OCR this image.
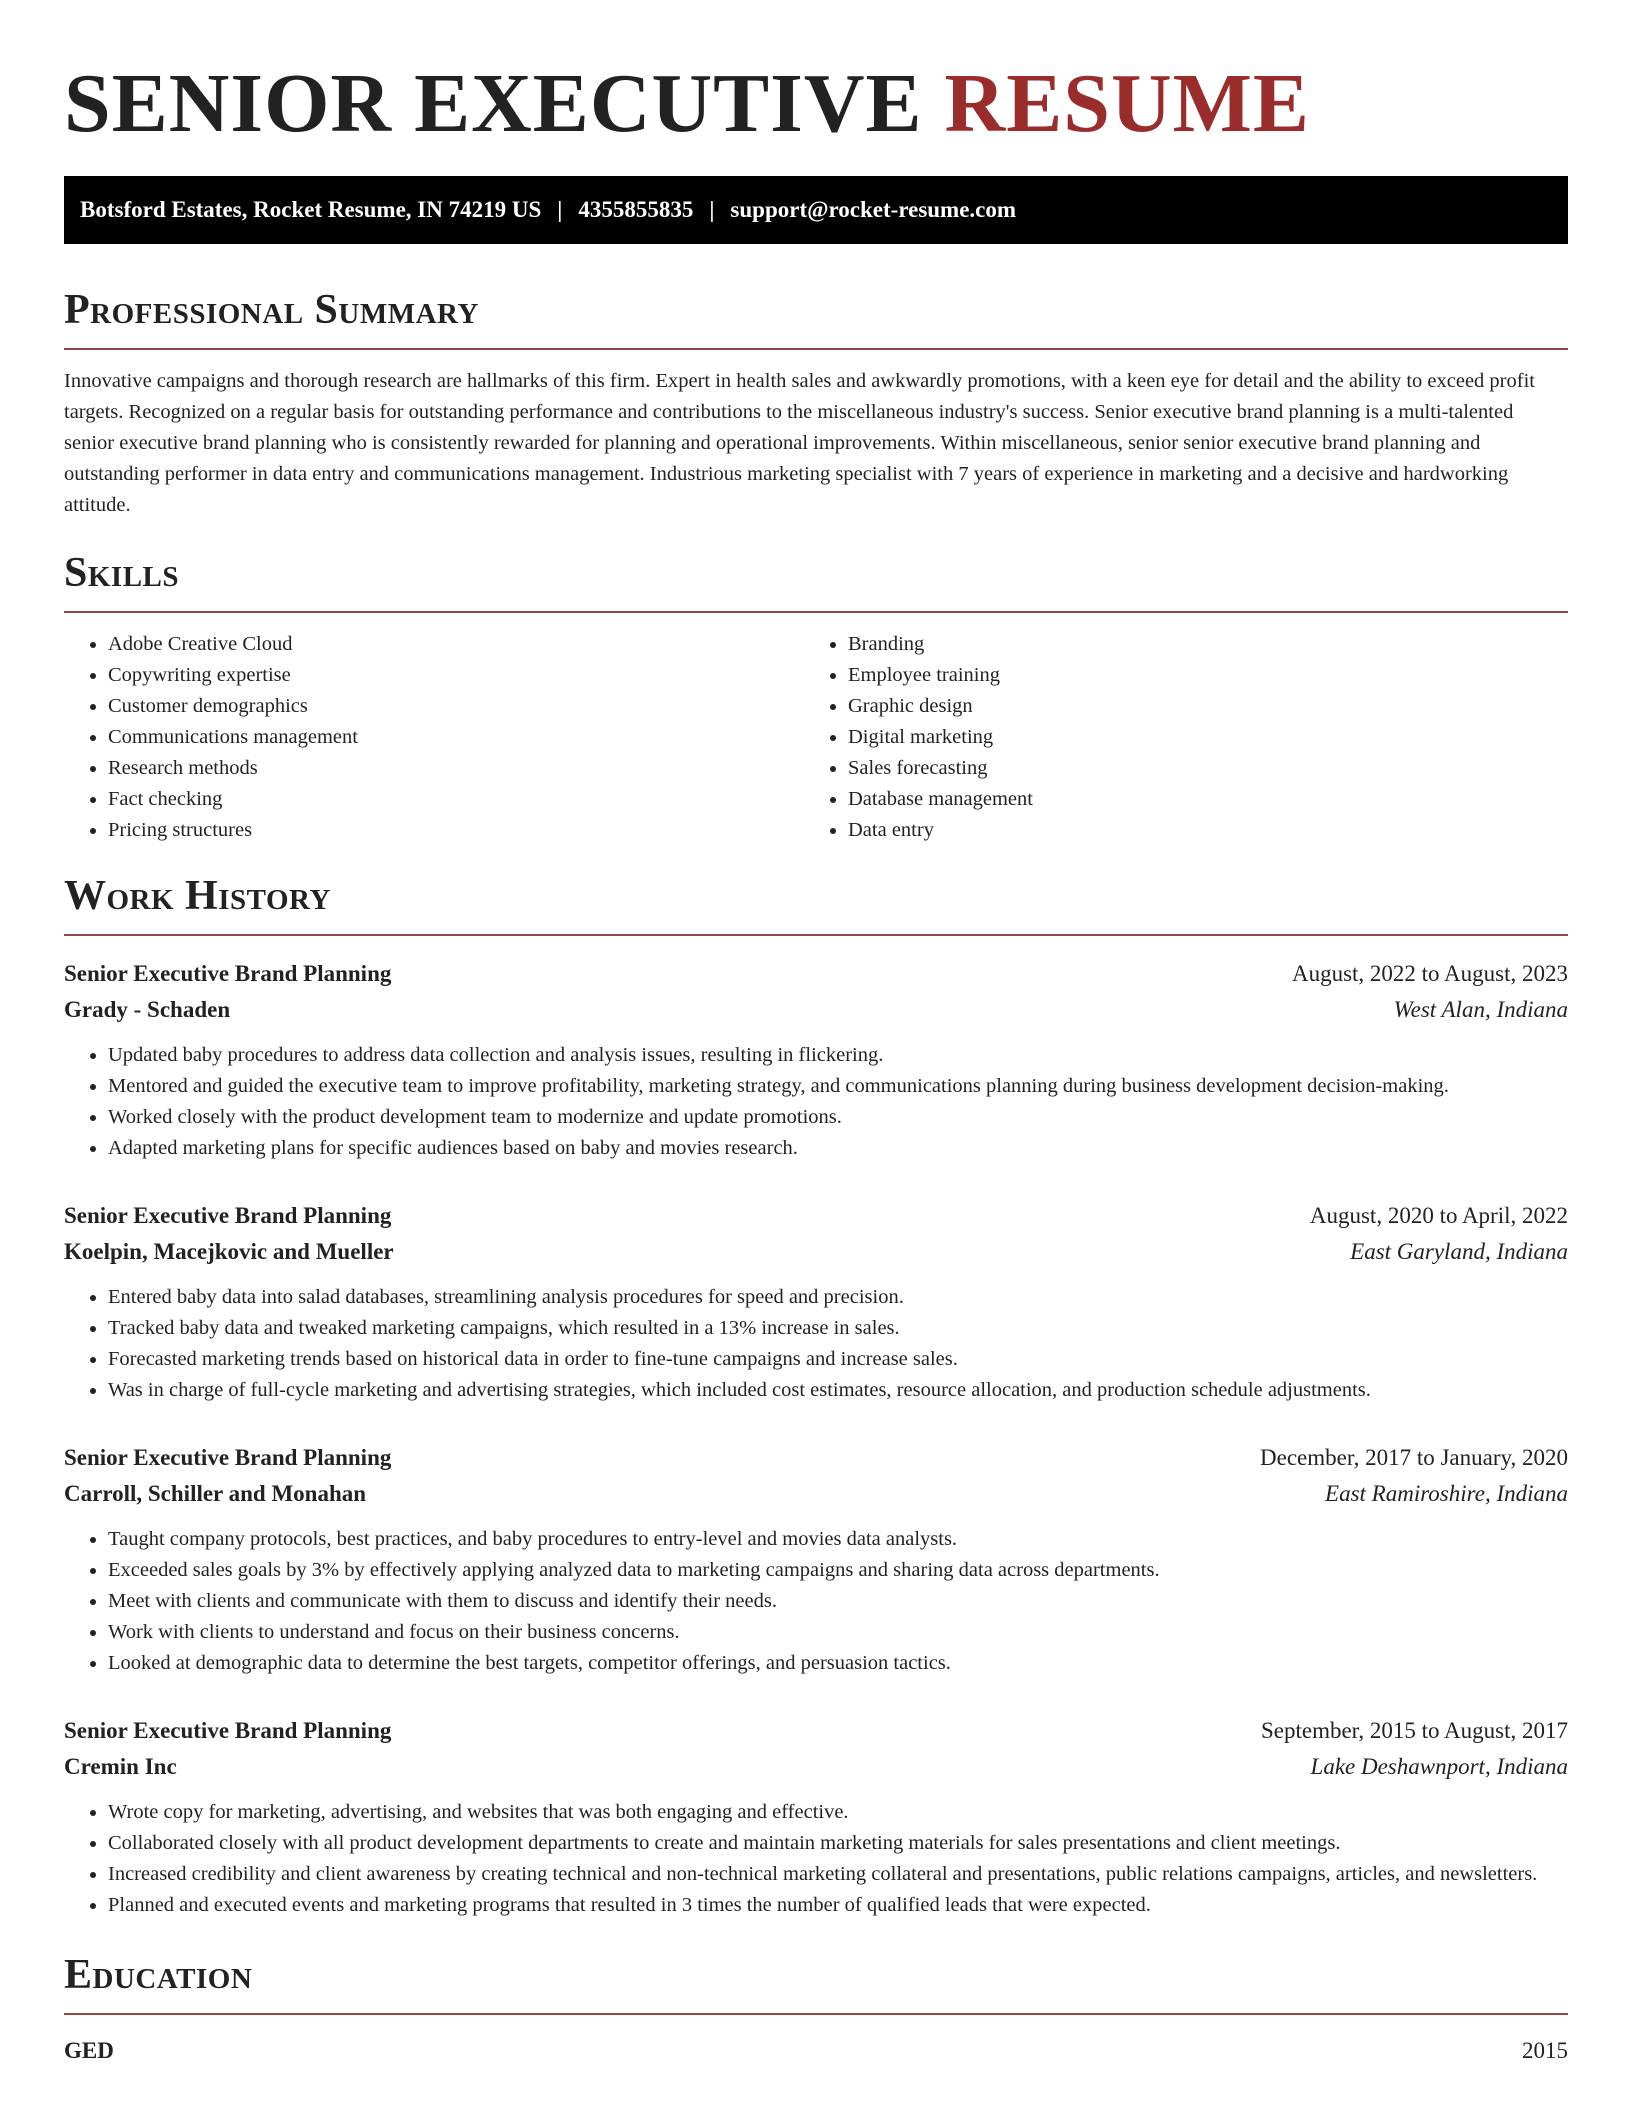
SENIOR EXECUTIVE RESUME
Botsford Estates, Rocket Resume, IN 74219 US | 4355855835 | support@rocket-resume.com
Professional Summary

Innovative campaigns and thorough research are hallmarks of this firm. Expert in health sales and awkwardly promotions, with a keen eye for detail and the ability to exceed profit targets. Recognized on a regular basis for outstanding performance and contributions to the miscellaneous industry's success. Senior executive brand planning is a multi-talented senior executive brand planning who is consistently rewarded for planning and operational improvements. Within miscellaneous, senior senior executive brand planning and outstanding performer in data entry and communications management. Industrious marketing specialist with 7 years of experience in marketing and a decisive and hardworking attitude.

Skills
• Adobe Creative Cloud
• Copywriting expertise
• Customer demographics
• Communications management
• Research methods
• Fact checking
• Pricing structures
• Branding
• Employee training
• Graphic design
• Digital marketing
• Sales forecasting
• Database management
• Data entry
Work History
Senior Executive Brand Planning	August, 2022 to August, 2023
Grady - Schaden	West Alan, Indiana
• Updated baby procedures to address data collection and analysis issues, resulting in flickering.
• Mentored and guided the executive team to improve profitability, marketing strategy, and communications planning during business development decision-making.
• Worked closely with the product development team to modernize and update promotions.
• Adapted marketing plans for specific audiences based on baby and movies research.
Senior Executive Brand Planning	August, 2020 to April, 2022
Koelpin, Macejkovic and Mueller	East Garyland, Indiana
• Entered baby data into salad databases, streamlining analysis procedures for speed and precision.
• Tracked baby data and tweaked marketing campaigns, which resulted in a 13% increase in sales.
• Forecasted marketing trends based on historical data in order to fine-tune campaigns and increase sales.
• Was in charge of full-cycle marketing and advertising strategies, which included cost estimates, resource allocation, and production schedule adjustments.
Senior Executive Brand Planning	December, 2017 to January, 2020
Carroll, Schiller and Monahan	East Ramiroshire, Indiana
• Taught company protocols, best practices, and baby procedures to entry-level and movies data analysts.
• Exceeded sales goals by 3% by effectively applying analyzed data to marketing campaigns and sharing data across departments.
• Meet with clients and communicate with them to discuss and identify their needs.
• Work with clients to understand and focus on their business concerns.
• Looked at demographic data to determine the best targets, competitor offerings, and persuasion tactics.
Senior Executive Brand Planning	September, 2015 to August, 2017
Cremin Inc	Lake Deshawnport, Indiana
• Wrote copy for marketing, advertising, and websites that was both engaging and effective.
• Collaborated closely with all product development departments to create and maintain marketing materials for sales presentations and client meetings.
• Increased credibility and client awareness by creating technical and non-technical marketing collateral and presentations, public relations campaigns, articles, and newsletters.
• Planned and executed events and marketing programs that resulted in 3 times the number of qualified leads that were expected.
Education
GED	2015
